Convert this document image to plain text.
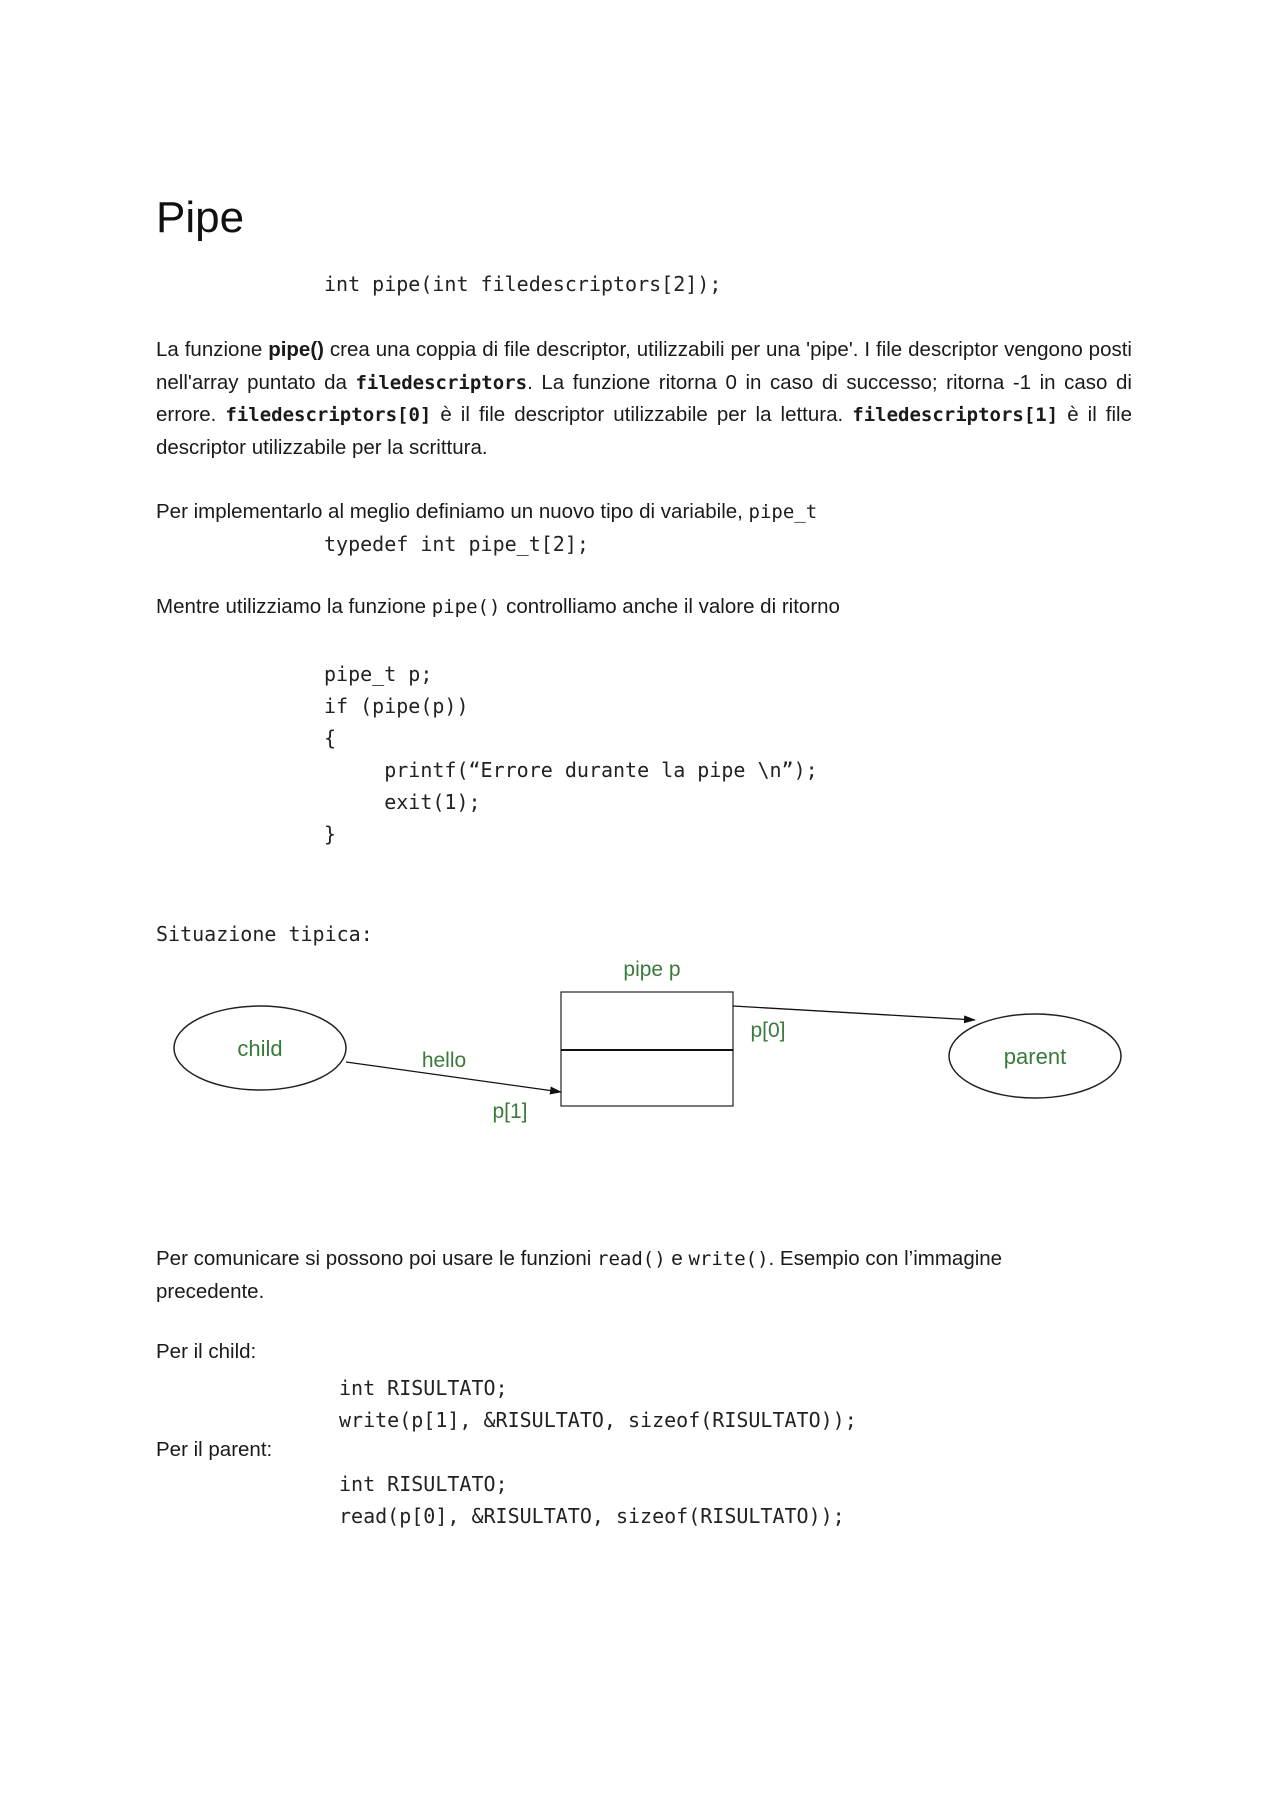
Pipe
int pipe(int filedescriptors[2]);
La funzione pipe() crea una coppia di file descriptor, utilizzabili per una 'pipe'. I file descriptor vengono posti nell'array puntato da filedescriptors. La funzione ritorna 0 in caso di successo; ritorna -1 in caso di errore. filedescriptors[0] è il file descriptor utilizzabile per la lettura. filedescriptors[1] è il file descriptor utilizzabile per la scrittura.
Per implementarlo al meglio definiamo un nuovo tipo di variabile, pipe_t
typedef int pipe_t[2];
Mentre utilizziamo la funzione pipe() controlliamo anche il valore di ritorno
pipe_t p;
if (pipe(p))
{
printf(“Errore durante la pipe \n”);
exit(1);
}
Situazione tipica:
pipe p
child	parent
hello
p[0]
p[1]
Per comunicare si possono poi usare le funzioni read() e write(). Esempio con l’immagine precedente.
Per il child:
int RISULTATO;
write(p[1], &RISULTATO, sizeof(RISULTATO));
Per il parent:
int RISULTATO;
read(p[0], &RISULTATO, sizeof(RISULTATO));
